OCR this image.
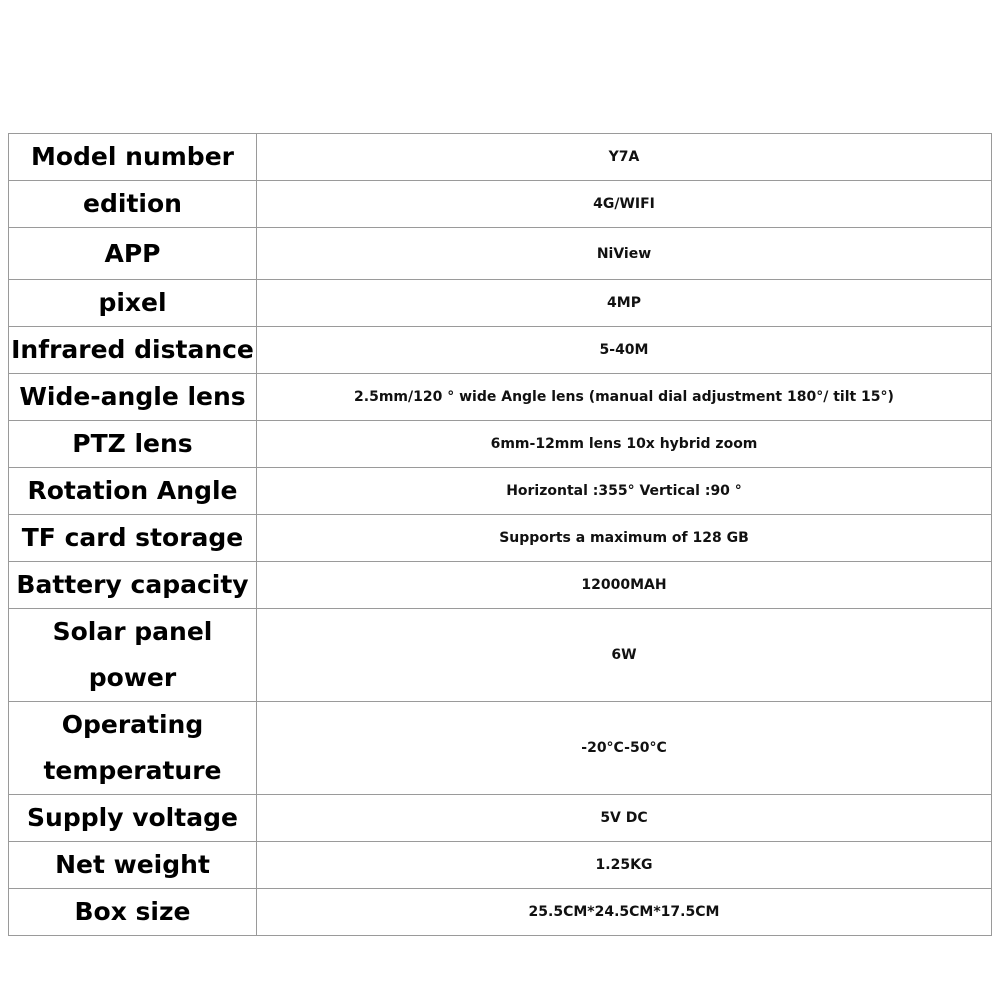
Model number	Y7A
edition	4G/WIFI
APP	NiView
pixel	4MP
Infrared distance	5-40M
Wide-angle lens	2.5mm/120 ° wide Angle lens (manual dial adjustment 180°/ tilt 15°)
PTZ lens	6mm-12mm lens 10x hybrid zoom
Rotation Angle	Horizontal :355° Vertical :90 °
TF card storage	Supports a maximum of 128 GB
Battery capacity	12000MAH
Solar panel power	6W
Operating temperature	-20°C-50°C
Supply voltage	5V DC
Net weight	1.25KG
Box size	25.5CM*24.5CM*17.5CM
